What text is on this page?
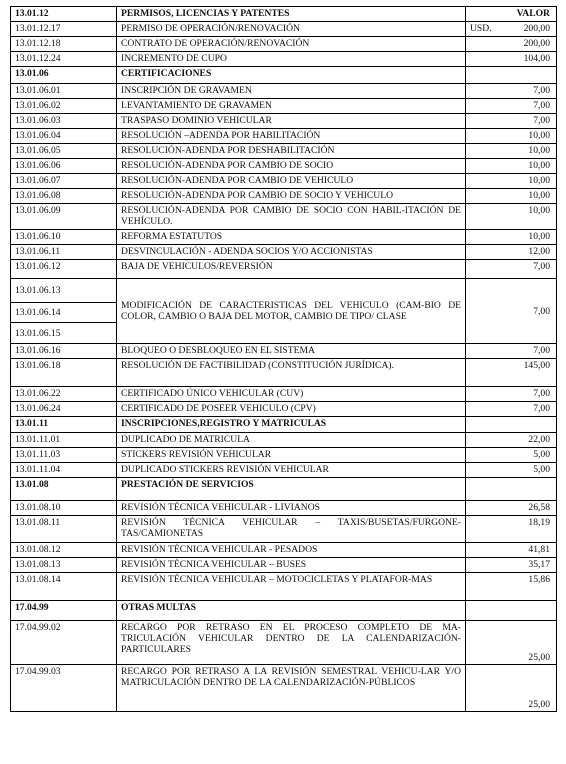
13.01.12	PERMISOS, LICENCIAS Y PATENTES	VALOR
13.01.12.17	PERMISO DE OPERACIÓN/RENOVACIÓN	USD. 200,00

13.01.12.18	CONTRATO DE OPERACIÓN/RENOVACIÓN	200,00
13.01.12.24	INCREMENTO DE CUPO	104,00
13.01.06	CERTIFICACIONES	
13.01.06.01	INSCRIPCIÓN DE GRAVAMEN	7,00
13.01.06.02	LEVANTAMIENTO DE GRAVAMEN	7,00
13.01.06.03	TRASPASO DOMINIO VEHICULAR	7,00
13.01.06.04	RESOLUCIÓN –ADENDA POR HABILITACIÓN	10,00
13.01.06.05	RESOLUCIÓN-ADENDA POR DESHABILITACIÓN	10,00
13.01.06.06	RESOLUCIÓN-ADENDA POR CAMBIO DE SOCIO	10,00
13.01.06.07	RESOLUCIÓN-ADENDA POR CAMBIO DE VEHICULO	10,00
13.01.06.08	RESOLUCIÓN-ADENDA POR CAMBIO DE SOCIO Y VEHICULO	10,00
13.01.06.09	RESOLUCIÓN-ADENDA POR CAMBIO DE SOCIO CON HABIL-ITACIÓN DE VEHÍCULO.	10,00
13.01.06.10	REFORMA ESTATUTOS	10,00
13.01.06.11	DESVINCULACIÓN - ADENDA SOCIOS Y/O ACCIONISTAS	12,00
13.01.06.12	BAJA DE VEHICULOS/REVERSIÓN	7,00
13.01.06.13	MODIFICACIÓN DE CARACTERISTICAS DEL VEHICULO (CAM-BIO DE COLOR, CAMBIO O BAJA DEL MOTOR, CAMBIO DE TIPO/ CLASE	7,00
13.01.06.14		
13.01.06.15		
13.01.06.16	BLOQUEO O DESBLOQUEO EN EL SISTEMA	7,00
13.01.06.18	RESOLUCIÓN DE FACTIBILIDAD (CONSTITUCIÓN JURÍDICA).	145,00
13.01.06.22	CERTIFICADO ÚNICO VEHICULAR (CUV)	7,00
13.01.06.24	CERTIFICADO DE POSEER VEHICULO (CPV)	7,00
13.01.11	INSCRIPCIONES,REGISTRO Y MATRICULAS	
13.01.11.01	DUPLICADO DE MATRICULA	22,00
13.01.11.03	STICKERS REVISIÓN VEHICULAR	5,00
13.01.11.04	DUPLICADO STICKERS REVISIÓN VEHICULAR	5,00
13.01.08	PRESTACIÓN DE SERVICIOS	
13.01.08.10	REVISIÓN TÉCNICA VEHICULAR - LIVIANOS	26,58
13.01.08.11	REVISIÓN TÉCNICA VEHICULAR – TAXIS/BUSETAS/FURGONE-TAS/CAMIONETAS	18,19
13.01.08.12	REVISIÓN TÉCNICA VEHICULAR - PESADOS	41,81
13.01.08.13	REVISIÓN TÉCNICA VEHICULAR – BUSES	35,17
13.01.08.14	REVISIÓN TÉCNICA VEHICULAR – MOTOCICLETAS Y PLATAFOR-MAS	15,86
17.04.99	OTRAS MULTAS	
17.04.99.02	RECARGO POR RETRASO EN EL PROCESO COMPLETO DE MA-TRICULACIÓN VEHICULAR DENTRO DE LA CALENDARIZACIÓN-PARTICULARES	25,00
17.04.99.03	RECARGO POR RETRASO A LA REVISIÓN SEMESTRAL VEHICU-LAR Y/O MATRICULACIÓN DENTRO DE LA CALENDARIZACIÓN-PÚBLICOS	25,00
